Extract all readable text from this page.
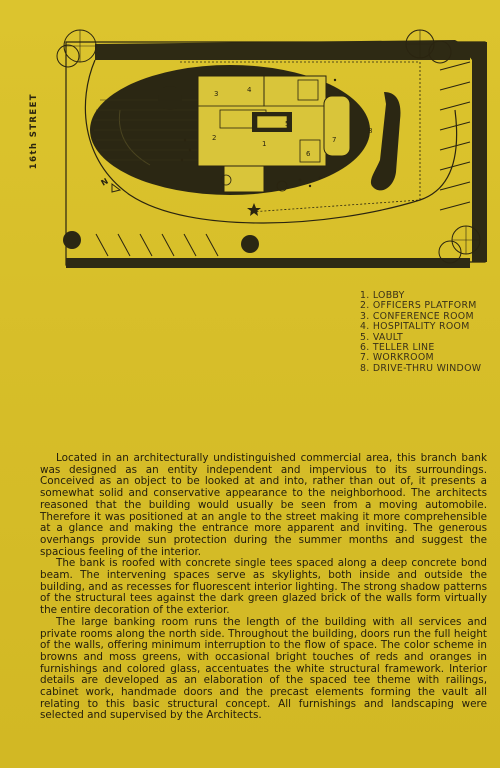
3	4
5
2
1
6
7
8
N
16th STREET
1. LOBBY
2. OFFICERS PLATFORM
3. CONFERENCE ROOM
4. HOSPITALITY ROOM
5. VAULT
6. TELLER LINE
7. WORKROOM
8. DRIVE-THRU WINDOW

Located in an architecturally undistinguished commercial area, this branch bank was designed as an entity independent and impervious to its surroundings. Conceived as an object to be looked at and into, rather than out of, it presents a somewhat solid and conservative appearance to the neighborhood. The architects reasoned that the building would usually be seen from a moving automobile. Therefore it was positioned at an angle to the street making it more comprehensible at a glance and making the entrance more apparent and inviting. The generous overhangs provide sun protection during the summer months and suggest the spacious feeling of the interior.

The bank is roofed with concrete single tees spaced along a deep concrete bond beam. The intervening spaces serve as skylights, both inside and outside the building, and as recesses for fluorescent interior lighting. The strong shadow patterns of the structural tees against the dark green glazed brick of the walls form virtually the entire decoration of the exterior.

The large banking room runs the length of the building with all services and private rooms along the north side. Throughout the building, doors run the full height of the walls, offering minimum interruption to the flow of space. The color scheme in browns and moss greens, with occasional bright touches of reds and oranges in furnishings and colored glass, accentuates the white structural framework. Interior details are developed as an elaboration of the spaced tee theme with railings, cabinet work, handmade doors and the precast elements forming the vault all relating to this basic structural concept. All furnishings and landscaping were selected and supervised by the Architects.
